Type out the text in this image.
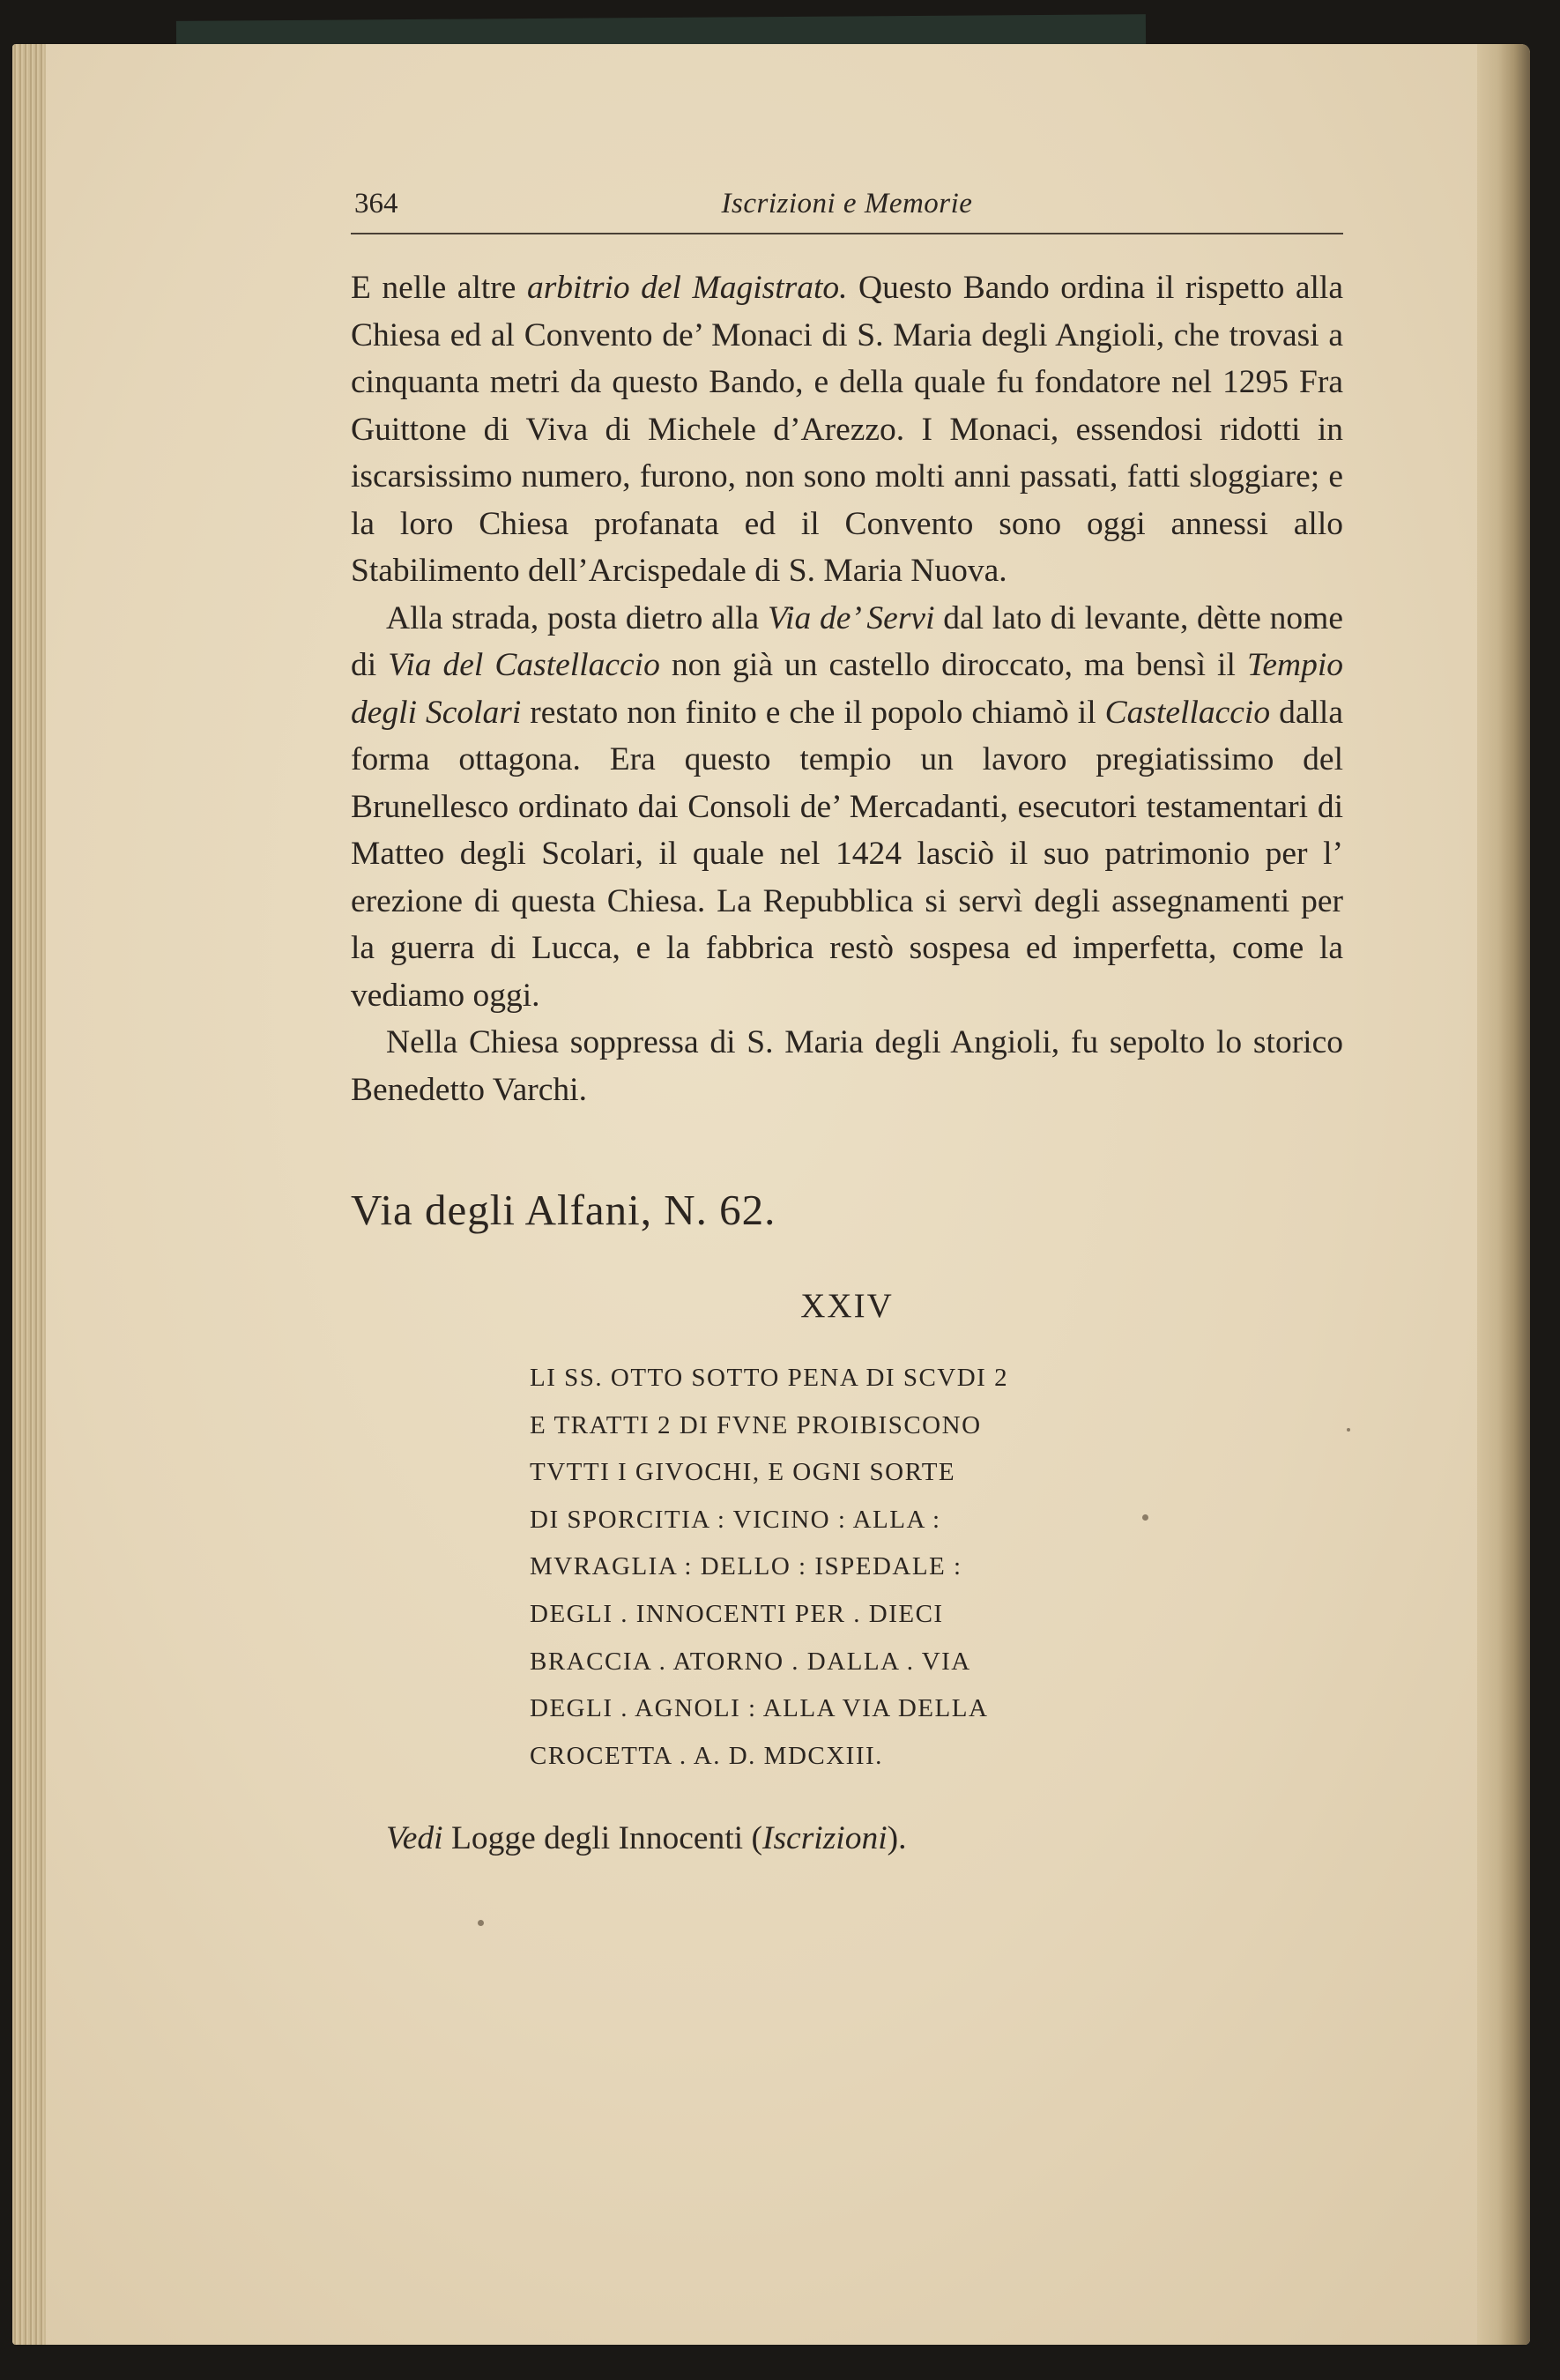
364	Iscrizioni e Memorie

E nelle altre arbitrio del Magistrato. Questo Bando ordina il rispetto alla Chiesa ed al Convento de’ Monaci di S. Maria degli Angioli, che trovasi a cinquanta metri da questo Bando, e della quale fu fondatore nel 1295 Fra Guittone di Viva di Michele d’Arezzo. I Monaci, essendosi ridotti in iscarsissimo numero, furono, non sono molti anni passati, fatti sloggiare; e la loro Chiesa profanata ed il Convento sono oggi annessi allo Stabilimento dell’Arcispedale di S. Maria Nuova.

Alla strada, posta dietro alla Via de’ Servi dal lato di levante, dètte nome di Via del Castellaccio non già un castello diroccato, ma bensì il Tempio degli Scolari restato non finito e che il popolo chiamò il Castellaccio dalla forma ottagona. Era questo tempio un lavoro pregiatissimo del Brunellesco ordinato dai Consoli de’ Mercadanti, esecutori testamentari di Matteo degli Scolari, il quale nel 1424 lasciò il suo patrimonio per l’ erezione di questa Chiesa. La Repubblica si servì degli assegnamenti per la guerra di Lucca, e la fabbrica restò sospesa ed imperfetta, come la vediamo oggi.

Nella Chiesa soppressa di S. Maria degli Angioli, fu sepolto lo storico Benedetto Varchi.

Via degli Alfani, N. 62.
XXIV
LI SS. OTTO SOTTO PENA DI SCVDI 2
E TRATTI 2 DI FVNE PROIBISCONO
TVTTI I GIVOCHI, E OGNI SORTE
DI SPORCITIA : VICINO : ALLA :
MVRAGLIA : DELLO : ISPEDALE :
DEGLI . INNOCENTI PER . DIECI
BRACCIA . ATORNO . DALLA . VIA
DEGLI . AGNOLI : ALLA VIA DELLA
CROCETTA . A. D. MDCXIII.
Vedi Logge degli Innocenti (Iscrizioni).
